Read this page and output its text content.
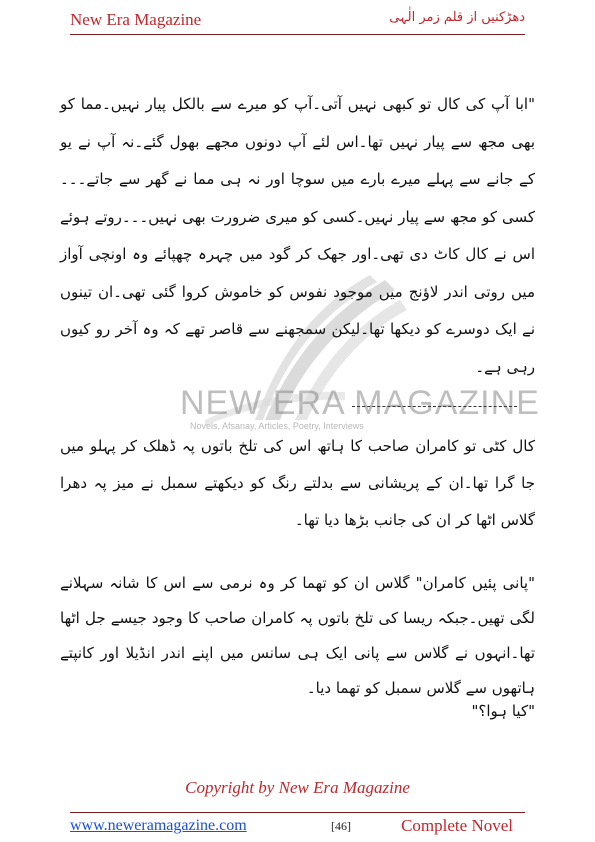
New Era Magazine	دھڑکنیں از قلم زمر الٰہی
NEW ERA MAGAZINE
Novels, Afsanay, Articles, Poetry, Interviews
"ابا آپ کی کال تو کبھی نہیں آتی۔آپ کو میرے سے بالکل پیار نہیں۔مما کو بھی مجھ سے پیار نہیں تھا۔اس لئے آپ دونوں مجھے بھول گئے۔نہ آپ نے یو کے جانے سے پہلے میرے بارے میں سوچا اور نہ ہی مما نے گھر سے جاتے۔۔۔کسی کو مجھ سے پیار نہیں۔کسی کو میری ضرورت بھی نہیں۔۔۔روتے ہوئے اس نے کال کاٹ دی تھی۔اور جھک کر گود میں چہرہ چھپائے وہ اونچی آواز میں روتی اندر لاؤنج میں موجود نفوس کو خاموش کروا گئی تھی۔ان تینوں نے ایک دوسرے کو دیکھا تھا۔لیکن سمجھنے سے قاصر تھے کہ وہ آخر رو کیوں رہی ہے۔
کال کٹی تو کامران صاحب کا ہاتھ اس کی تلخ باتوں پہ ڈھلک کر پہلو میں جا گرا تھا۔ان کے پریشانی سے بدلتے رنگ کو دیکھتے سمبل نے میز پہ دھرا گلاس اٹھا کر ان کی جانب بڑھا دیا تھا۔
"پانی پئیں کامران" گلاس ان کو تھما کر وہ نرمی سے اس کا شانہ سہلانے لگی تھیں۔جبکہ ریسا کی تلخ باتوں پہ کامران صاحب کا وجود جیسے جل اٹھا تھا۔انہوں نے گلاس سے پانی ایک ہی سانس میں اپنے اندر انڈیلا اور کانپتے ہاتھوں سے گلاس سمبل کو تھما دیا۔
"کیا ہوا؟"
Copyright by New Era Magazine
www.neweramagazine.com	[46]	Complete Novel
